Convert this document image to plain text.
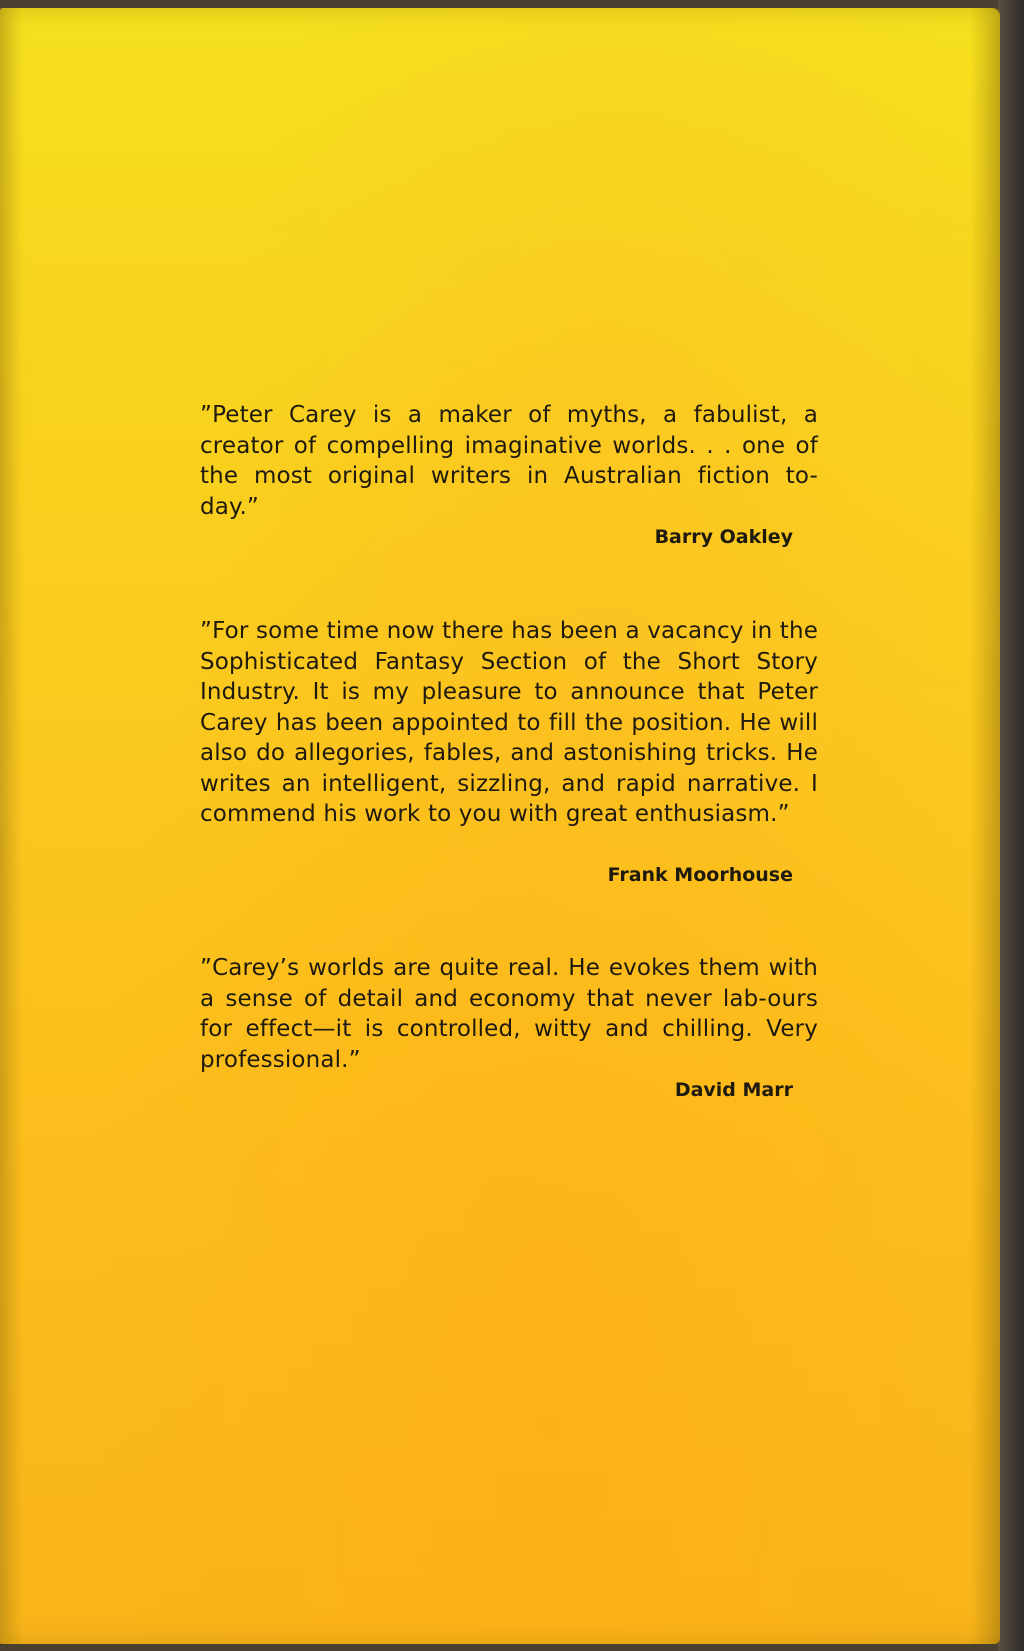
”Peter Carey is a maker of myths, a fabulist, a creator of compelling imaginative worlds. . . one of the most original writers in Australian fiction to-day.”

Barry Oakley

”For some time now there has been a vacancy in the Sophisticated Fantasy Section of the Short Story Industry. It is my pleasure to announce that Peter Carey has been appointed to fill the position. He will also do allegories, fables, and astonishing tricks. He writes an intelligent, sizzling, and rapid narrative. I commend his work to you with great enthusiasm.”

Frank Moorhouse

”Carey’s worlds are quite real. He evokes them with a sense of detail and economy that never lab-ours for effect—it is controlled, witty and chilling. Very professional.”

David Marr
